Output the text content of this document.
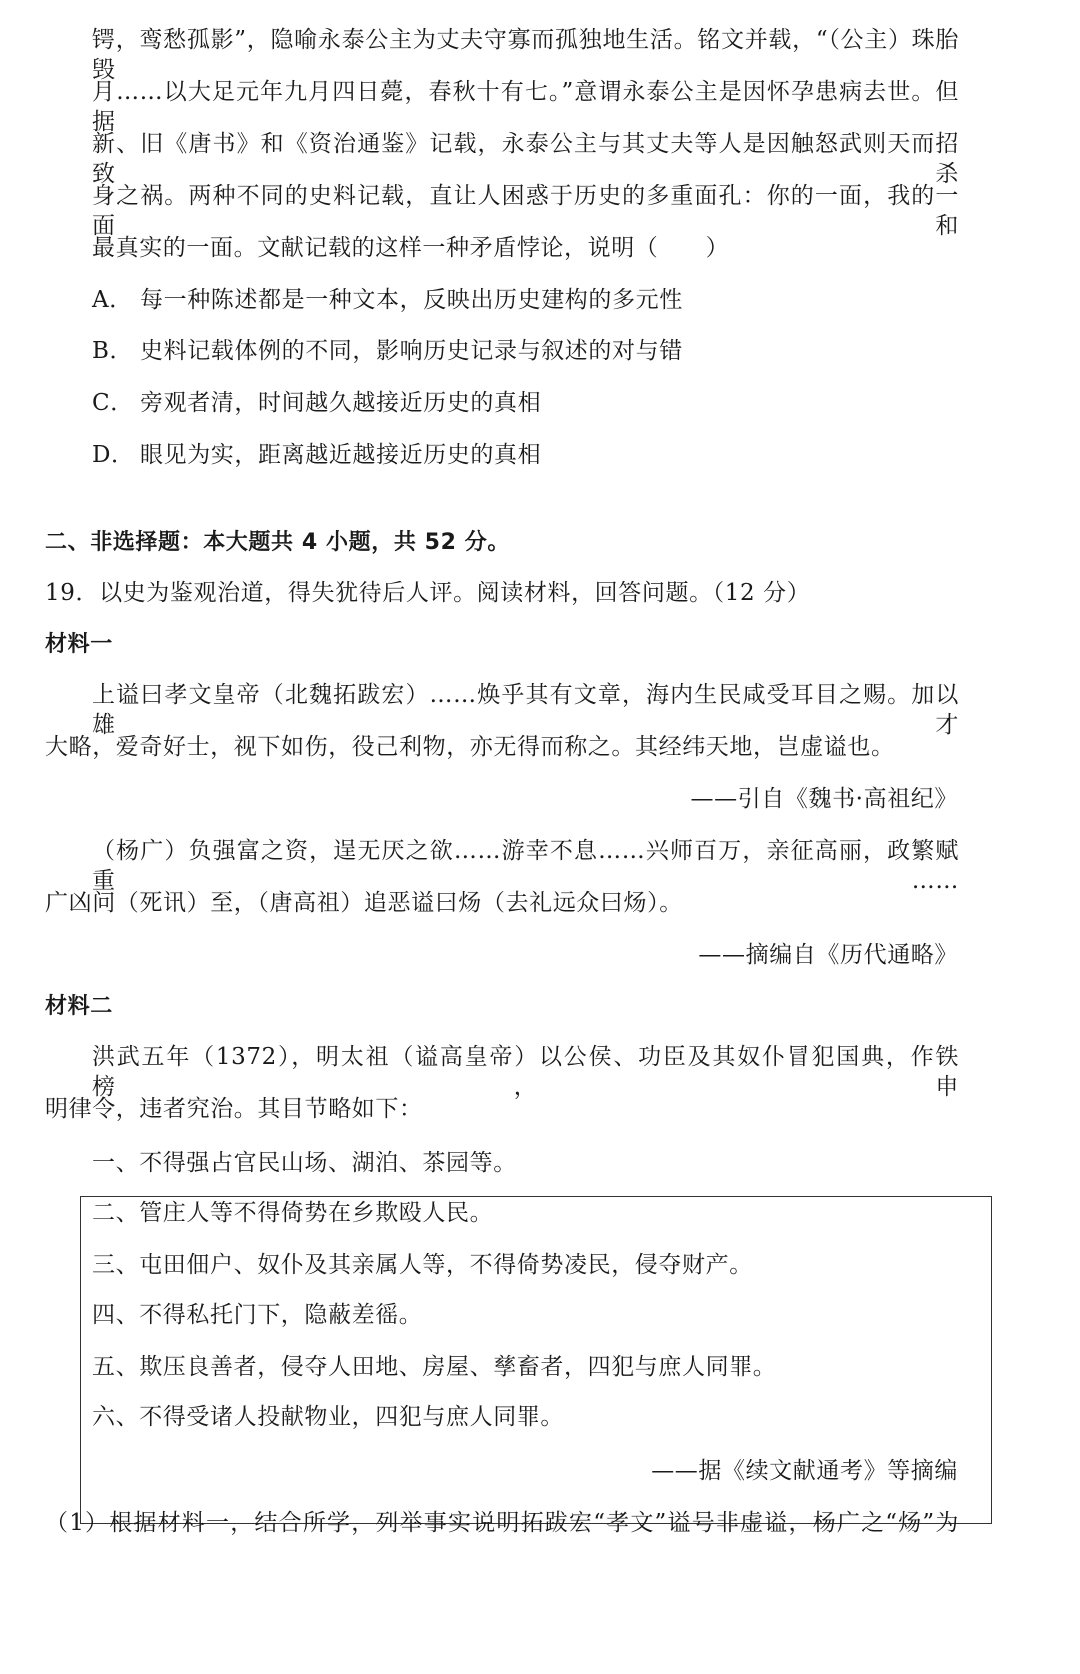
锷，鸾愁孤影”，隐喻永泰公主为丈夫守寡而孤独地生活。铭文并载，“（公主）珠胎毁
月……以大足元年九月四日薨，春秋十有七。”意谓永泰公主是因怀孕患病去世。但据
新、旧《唐书》和《资治通鉴》记载，永泰公主与其丈夫等人是因触怒武则天而招致杀
身之祸。两种不同的史料记载，直让人困惑于历史的多重面孔：你的一面，我的一面和
最真实的一面。文献记载的这样一种矛盾悖论，说明（　　）
A． 每一种陈述都是一种文本，反映出历史建构的多元性
B． 史料记载体例的不同，影响历史记录与叙述的对与错
C． 旁观者清，时间越久越接近历史的真相
D． 眼见为实，距离越近越接近历史的真相
二、非选择题：本大题共 4 小题，共 52 分。
19．以史为鉴观治道，得失犹待后人评。阅读材料，回答问题。（12 分）
材料一
上谥曰孝文皇帝（北魏拓跋宏）……焕乎其有文章，海内生民咸受耳目之赐。加以雄才
大略，爱奇好士，视下如伤，役己利物，亦无得而称之。其经纬天地，岂虚谥也。
——引自《魏书·高祖纪》
（杨广）负强富之资，逞无厌之欲……游幸不息……兴师百万，亲征高丽，政繁赋重……
广凶问（死讯）至，（唐高祖）追恶谥曰炀（去礼远众曰炀）。
——摘编自《历代通略》
材料二
洪武五年（1372），明太祖（谥高皇帝）以公侯、功臣及其奴仆冒犯国典，作铁榜，申
明律令，违者究治。其目节略如下：
一、不得强占官民山场、湖泊、茶园等。
二、管庄人等不得倚势在乡欺殴人民。
三、屯田佃户、奴仆及其亲属人等，不得倚势凌民，侵夺财产。
四、不得私托门下，隐蔽差徭。
五、欺压良善者，侵夺人田地、房屋、孳畜者，四犯与庶人同罪。
六、不得受诸人投献物业，四犯与庶人同罪。
——据《续文献通考》等摘编
（1）根据材料一，结合所学，列举事实说明拓跋宏“孝文”谥号非虚谥，杨广之“炀”为
